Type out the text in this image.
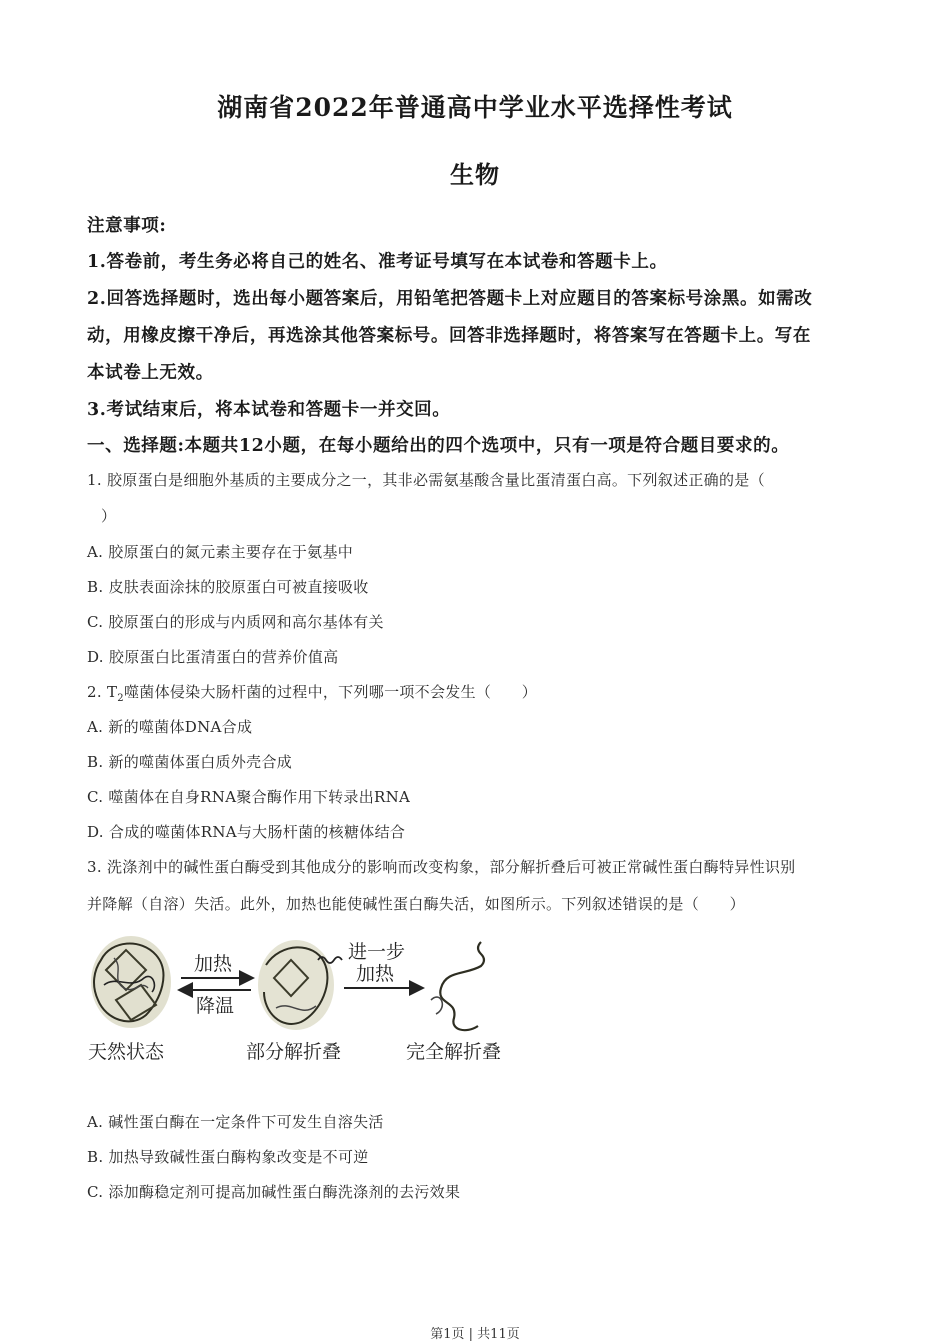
湖南省2022年普通高中学业水平选择性考试
生物
注意事项:
1.答卷前，考生务必将自己的姓名、准考证号填写在本试卷和答题卡上。
2.回答选择题时，选出每小题答案后，用铅笔把答题卡上对应题目的答案标号涂黑。如需改
动，用橡皮擦干净后，再选涂其他答案标号。回答非选择题时，将答案写在答题卡上。写在
本试卷上无效。
3.考试结束后，将本试卷和答题卡一并交回。
一、选择题:本题共12小题，在每小题给出的四个选项中，只有一项是符合题目要求的。
1. 胶原蛋白是细胞外基质的主要成分之一，其非必需氨基酸含量比蛋清蛋白高。下列叙述正确的是（
）
A. 胶原蛋白的氮元素主要存在于氨基中
B. 皮肤表面涂抹的胶原蛋白可被直接吸收
C. 胶原蛋白的形成与内质网和高尔基体有关
D. 胶原蛋白比蛋清蛋白的营养价值高
2. $T_2$噬菌体侵染大肠杆菌的过程中，下列哪一项不会发生（　　）
A. 新的噬菌体DNA合成
B. 新的噬菌体蛋白质外壳合成
C. 噬菌体在自身RNA聚合酶作用下转录出RNA
D. 合成的噬菌体RNA与大肠杆菌的核糖体结合
3. 洗涤剂中的碱性蛋白酶受到其他成分的影响而改变构象，部分解折叠后可被正常碱性蛋白酶特异性识别
并降解（自溶）失活。此外，加热也能使碱性蛋白酶失活，如图所示。下列叙述错误的是（　　）
加热
降温
进一步
加热
天然状态	部分解折叠	完全解折叠
A. 碱性蛋白酶在一定条件下可发生自溶失活
B. 加热导致碱性蛋白酶构象改变是不可逆
C. 添加酶稳定剂可提高加碱性蛋白酶洗涤剂的去污效果
第1页 | 共11页
